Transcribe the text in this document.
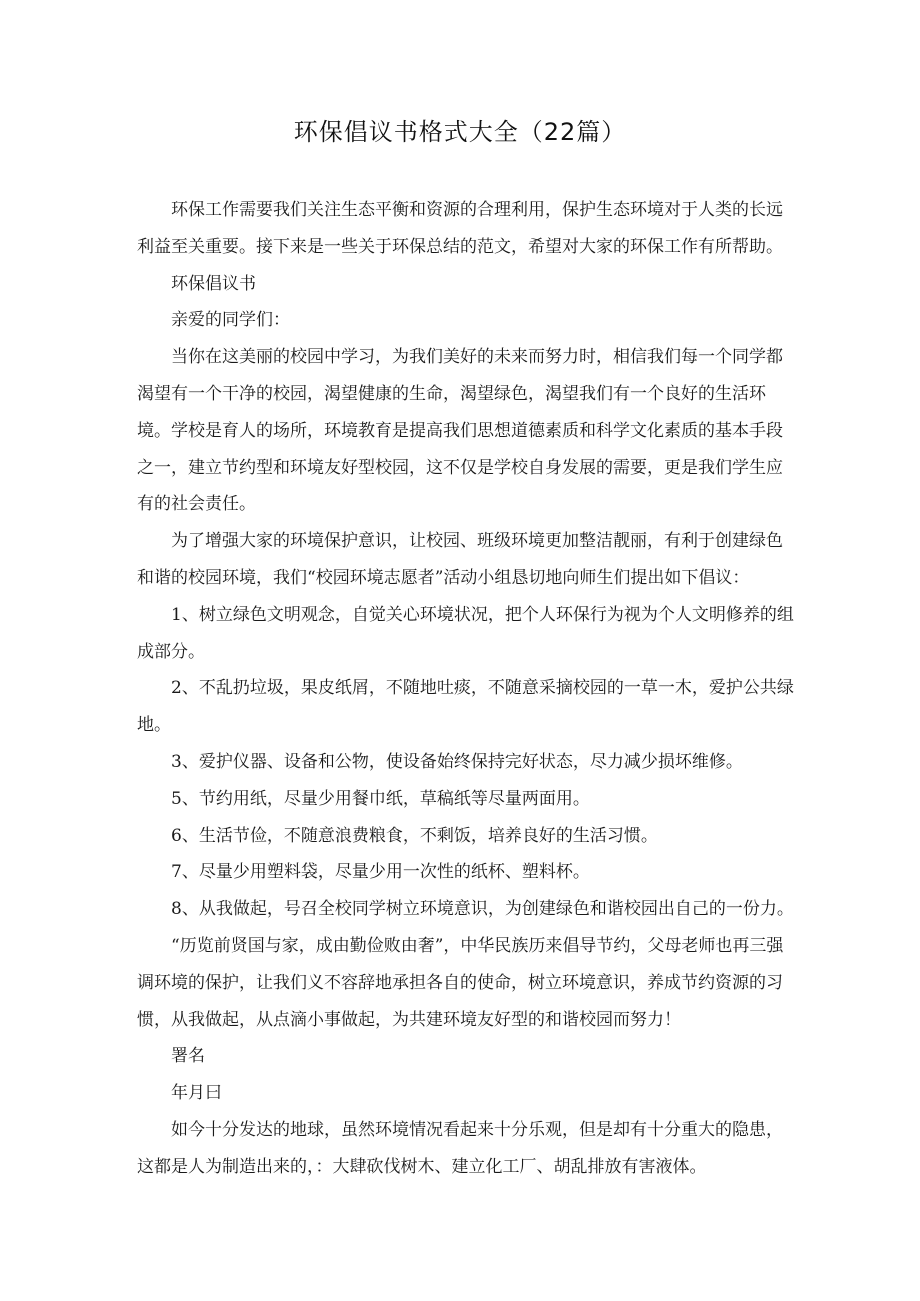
环保倡议书格式大全（22篇）

环保工作需要我们关注生态平衡和资源的合理利用，保护生态环境对于人类的长远利益至关重要。接下来是一些关于环保总结的范文，希望对大家的环保工作有所帮助。

环保倡议书

亲爱的同学们：

当你在这美丽的校园中学习，为我们美好的未来而努力时，相信我们每一个同学都渴望有一个干净的校园，渴望健康的生命，渴望绿色，渴望我们有一个良好的生活环境。学校是育人的场所，环境教育是提高我们思想道德素质和科学文化素质的基本手段之一，建立节约型和环境友好型校园，这不仅是学校自身发展的需要，更是我们学生应有的社会责任。

为了增强大家的环境保护意识，让校园、班级环境更加整洁靓丽，有利于创建绿色和谐的校园环境，我们“校园环境志愿者”活动小组恳切地向师生们提出如下倡议：

1、树立绿色文明观念，自觉关心环境状况，把个人环保行为视为个人文明修养的组成部分。

2、不乱扔垃圾，果皮纸屑，不随地吐痰，不随意采摘校园的一草一木，爱护公共绿地。

3、爱护仪器、设备和公物，使设备始终保持完好状态，尽力减少损坏维修。

5、节约用纸，尽量少用餐巾纸，草稿纸等尽量两面用。

6、生活节俭，不随意浪费粮食，不剩饭，培养良好的生活习惯。

7、尽量少用塑料袋，尽量少用一次性的纸杯、塑料杯。

8、从我做起，号召全校同学树立环境意识，为创建绿色和谐校园出自己的一份力。

“历览前贤国与家，成由勤俭败由奢”，中华民族历来倡导节约，父母老师也再三强调环境的保护，让我们义不容辞地承担各自的使命，树立环境意识，养成节约资源的习惯，从我做起，从点滴小事做起，为共建环境友好型的和谐校园而努力！

署名

年月曰

如今十分发达的地球，虽然环境情况看起来十分乐观，但是却有十分重大的隐患，这都是人为制造出来的，：大肆砍伐树木、建立化工厂、胡乱排放有害液体。
